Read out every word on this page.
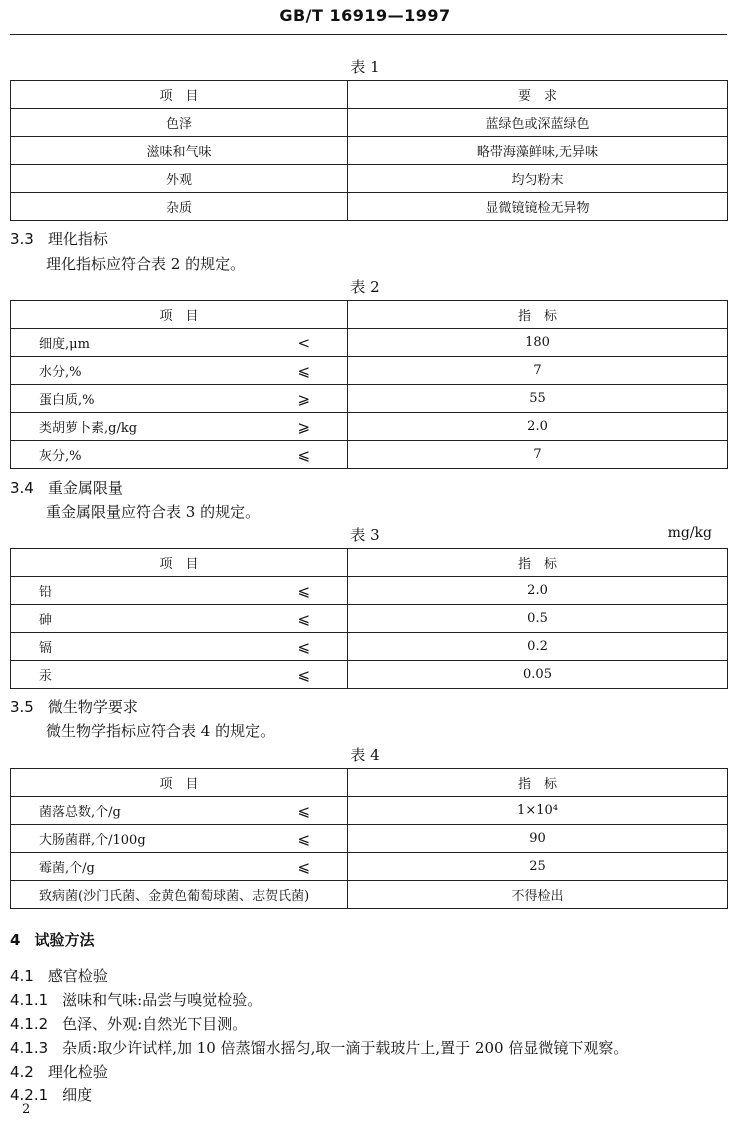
GB/T 16919—1997
表 1
项　目	要　求
色泽	蓝绿色或深蓝绿色
滋味和气味	略带海藻鲜味,无异味
外观	均匀粉末
杂质	显微镜镜检无异物
3.3 理化指标
理化指标应符合表 2 的规定。
表 2
项　目		指　标
细度,μm	<	180
水分,%	⩽	7
蛋白质,%	⩾	55
类胡萝卜素,g/kg	⩾	2.0
灰分,%	⩽	7
3.4 重金属限量
重金属限量应符合表 3 的规定。
表 3	mg/kg
项　目		指　标
铅	⩽	2.0
砷	⩽	0.5
镉	⩽	0.2
汞	⩽	0.05
3.5 微生物学要求
微生物学指标应符合表 4 的规定。
表 4
项　目		指　标
菌落总数,个/g	⩽	1×10⁴
大肠菌群,个/100g	⩽	90
霉菌,个/g	⩽	25
致病菌(沙门氏菌、金黄色葡萄球菌、志贺氏菌)		不得检出
4 试验方法
4.1 感官检验
4.1.1 滋味和气味:品尝与嗅觉检验。
4.1.2 色泽、外观:自然光下目测。
4.1.3 杂质:取少许试样,加 10 倍蒸馏水摇匀,取一滴于载玻片上,置于 200 倍显微镜下观察。
4.2 理化检验
4.2.1 细度
2
